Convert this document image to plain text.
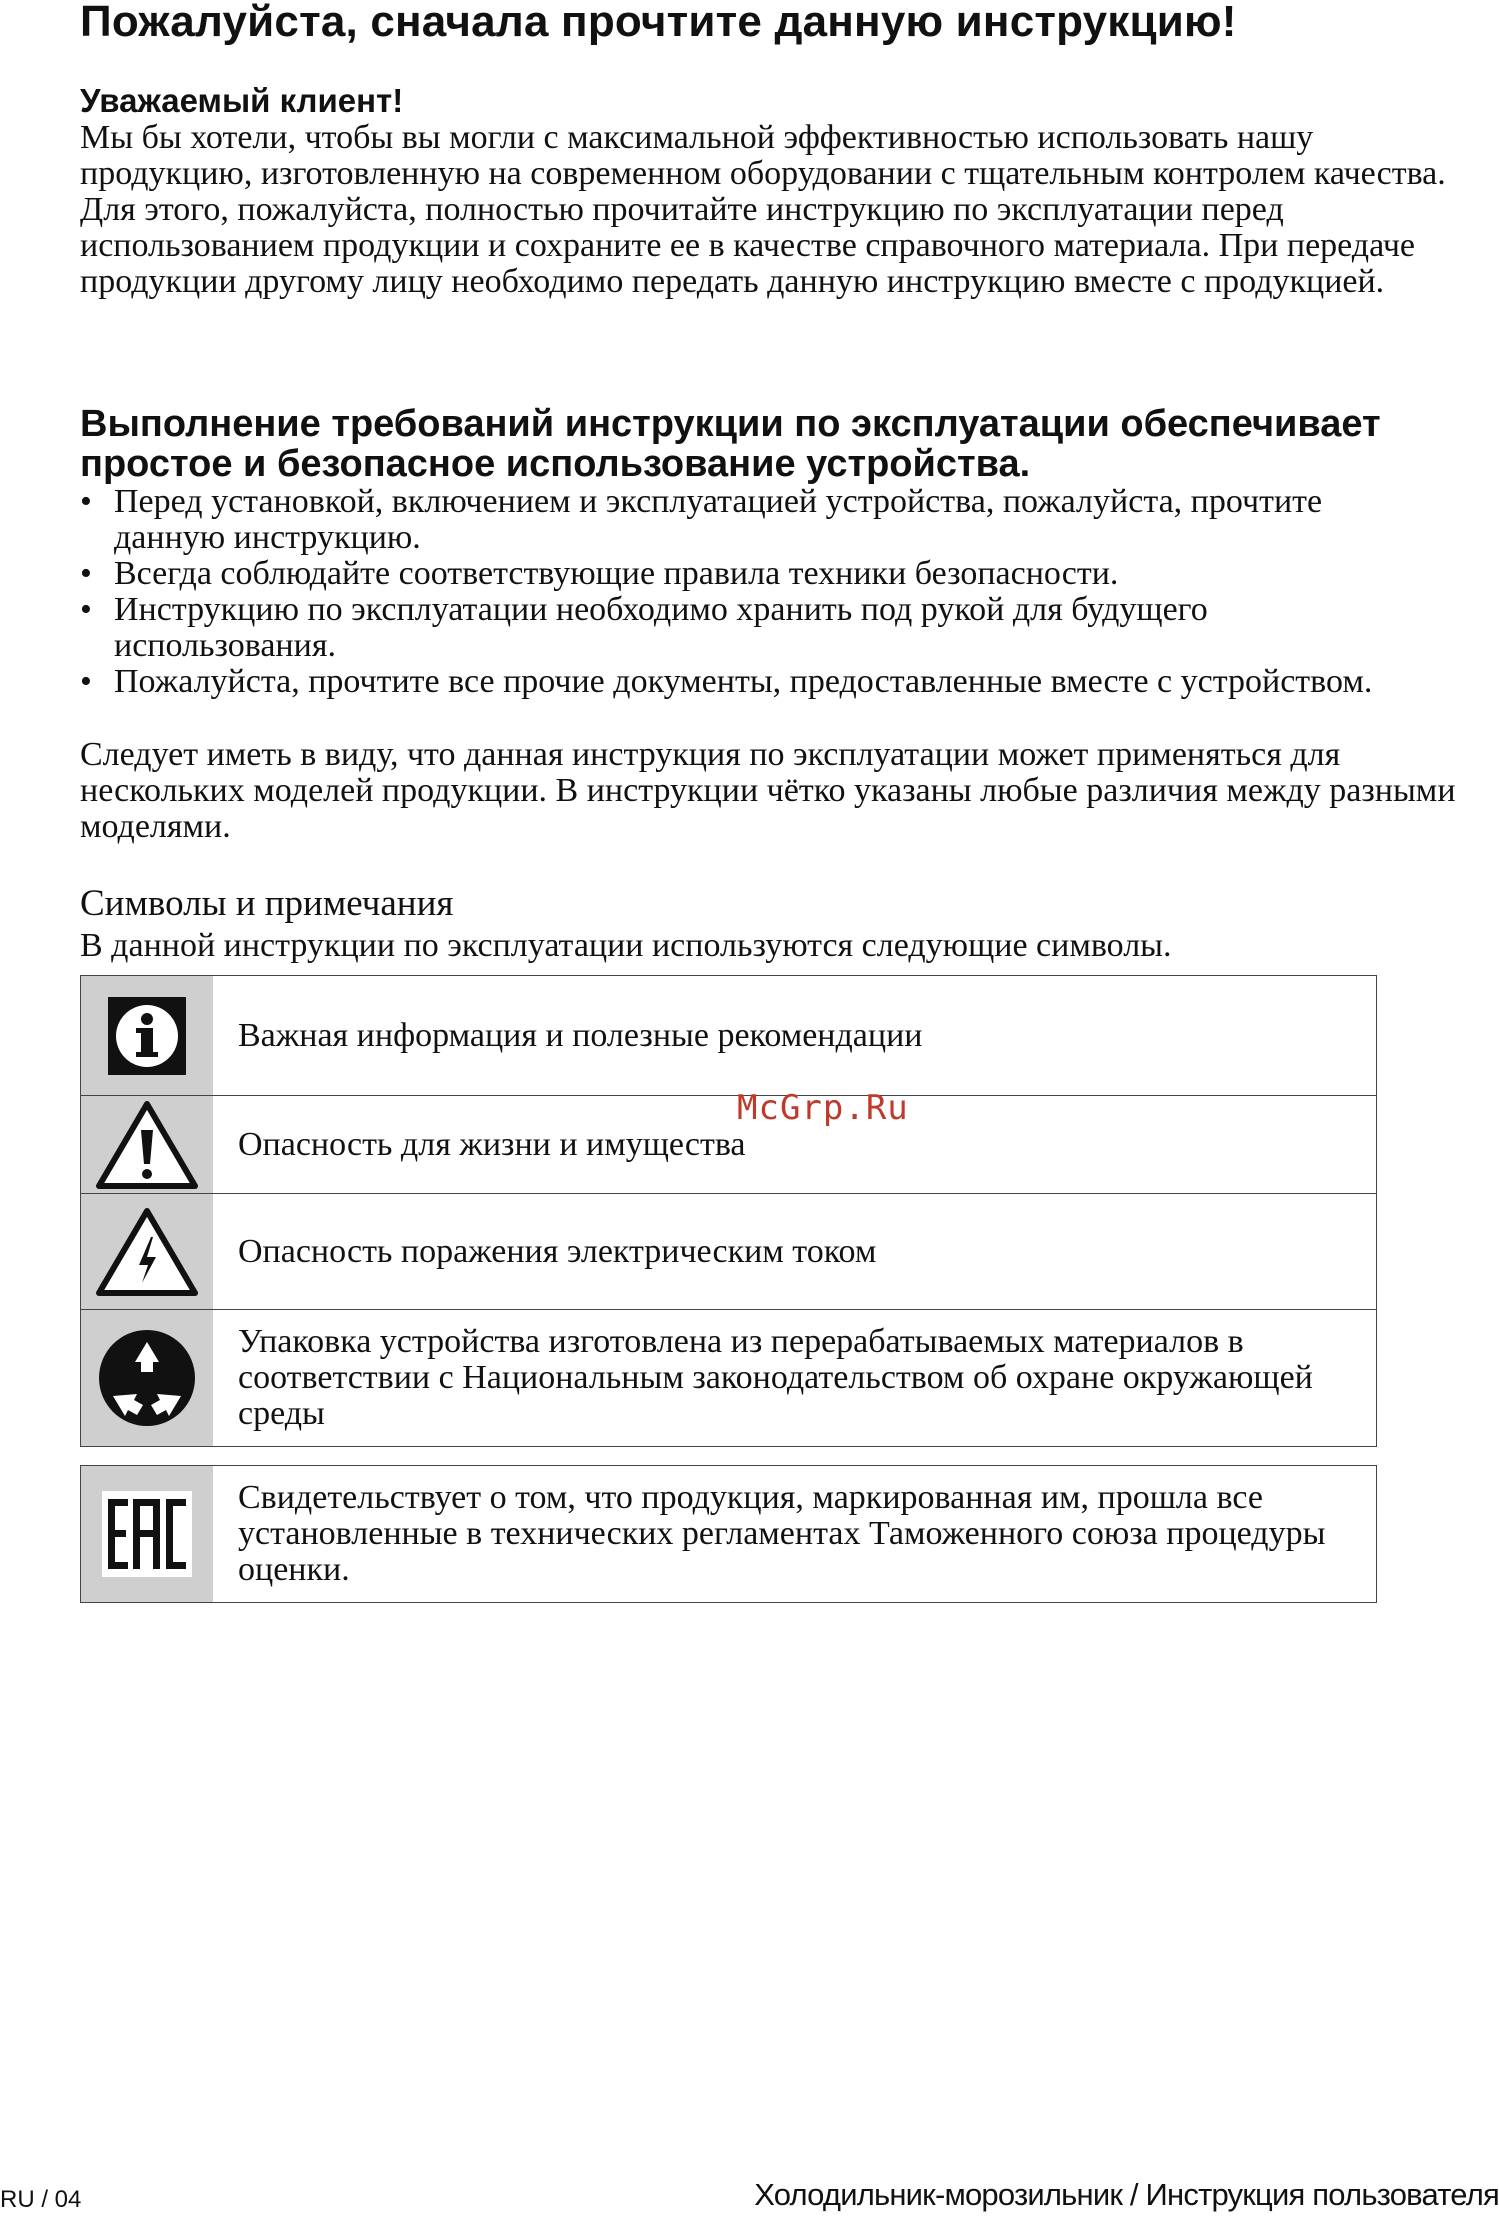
Пожалуйста, сначала прочтите данную инструкцию!
Уважаемый клиент!

Мы бы хотели, чтобы вы могли с максимальной эффективностью использовать нашу продукцию, изготовленную на современном оборудовании с тщательным контролем качества.

Для этого, пожалуйста, полностью прочитайте инструкцию по эксплуатации перед использованием продукции и сохраните ее в качестве справочного материала. При передаче продукции другому лицу необходимо передать данную инструкцию вместе с продукцией.

Выполнение требований инструкции по эксплуатации обеспечивает простое и безопасное использование устройства.
• Перед установкой, включением и эксплуатацией устройства, пожалуйста, прочтите данную инструкцию.
• Всегда соблюдайте соответствующие правила техники безопасности.
• Инструкцию по эксплуатации необходимо хранить под рукой для будущего использования.
• Пожалуйста, прочтите все прочие документы, предоставленные вместе с устройством.

Следует иметь в виду, что данная инструкция по эксплуатации может применяться для нескольких моделей продукции. В инструкции чётко указаны любые различия между разными моделями.

Символы и примечания

В данной инструкции по эксплуатации используются следующие символы.

Важная информация и полезные рекомендации
Опасность для жизни и имущества
Опасность поражения электрическим током
Упаковка устройства изготовлена из перерабатываемых материалов в соответствии с Национальным законодательством об охране окружающей среды
Свидетельствует о том, что продукция, маркированная им, прошла все установленные в технических регламентах Таможенного союза процедуры оценки.
McGrp.Ru
RU / 04	Холодильник-морозильник / Инструкция пользователя
